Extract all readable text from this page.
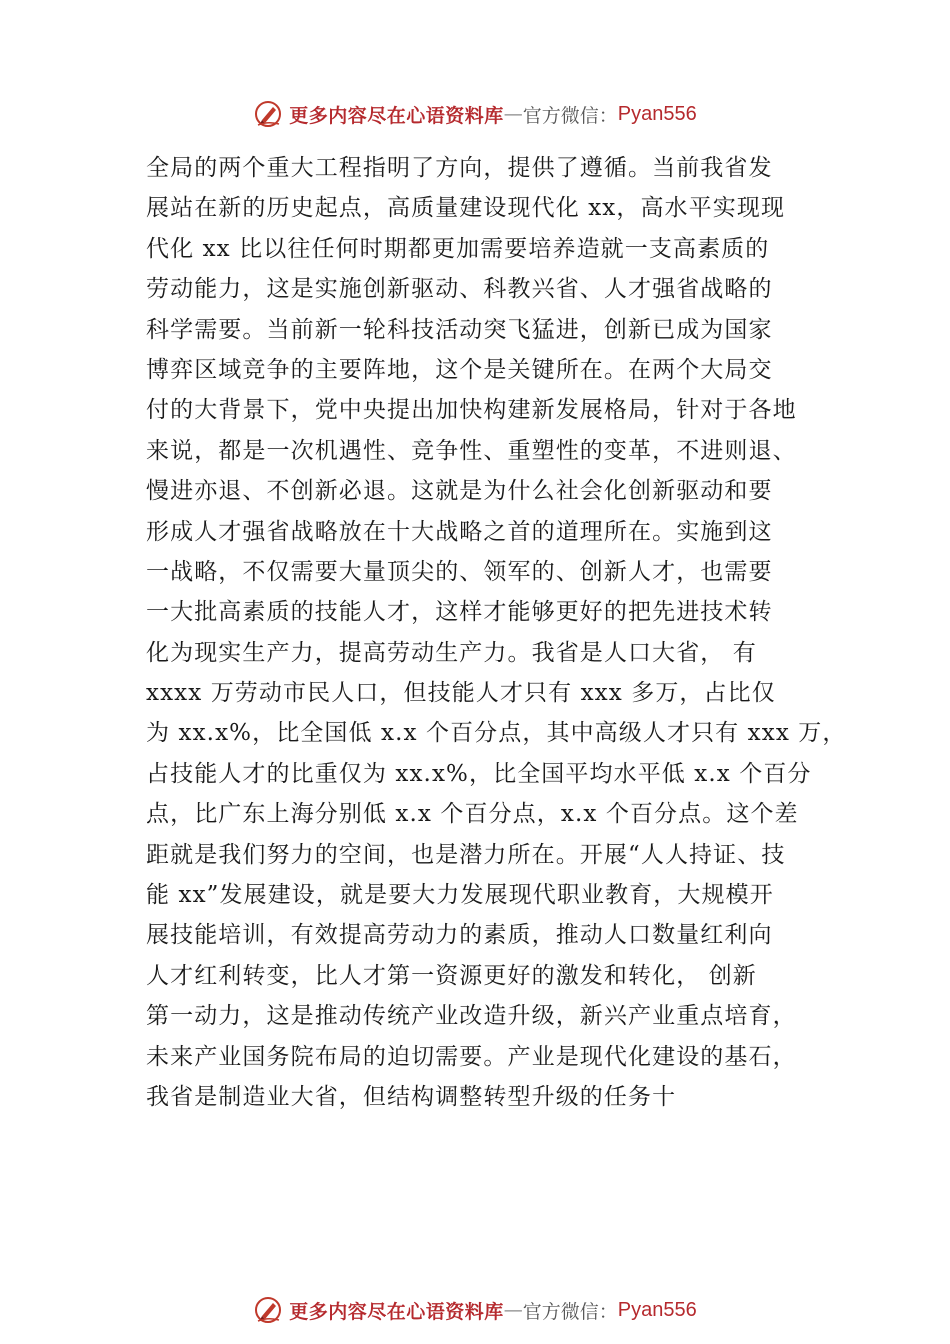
更多内容尽在心语资料库 — 官方微信： Pyan556
全局的两个重大工程指明了方向，提供了遵循。当前我省发
展站在新的历史起点，高质量建设现代化 xx，高水平实现现
代化 xx 比以往任何时期都更加需要培养造就一支高素质的
劳动能力，这是实施创新驱动、科教兴省、人才强省战略的
科学需要。当前新一轮科技活动突飞猛进，创新已成为国家
博弈区域竞争的主要阵地，这个是关键所在。在两个大局交
付的大背景下，党中央提出加快构建新发展格局，针对于各地
来说，都是一次机遇性、竞争性、重塑性的变革，不进则退、
慢进亦退、不创新必退。这就是为什么社会化创新驱动和要
形成人才强省战略放在十大战略之首的道理所在。实施到这
一战略，不仅需要大量顶尖的、领军的、创新人才，也需要
一大批高素质的技能人才，这样才能够更好的把先进技术转
化为现实生产力，提高劳动生产力。我省是人口大省， 有
xxxx 万劳动市民人口，但技能人才只有 xxx 多万，占比仅
为 xx.x%，比全国低 x.x 个百分点，其中高级人才只有 xxx 万，
占技能人才的比重仅为 xx.x%，比全国平均水平低 x.x 个百分
点，比广东上海分别低 x.x 个百分点，x.x 个百分点。这个差
距就是我们努力的空间，也是潜力所在。开展“人人持证、技
能 xx”发展建设，就是要大力发展现代职业教育，大规模开
展技能培训，有效提高劳动力的素质，推动人口数量红利向
人才红利转变，比人才第一资源更好的激发和转化， 创新
第一动力，这是推动传统产业改造升级，新兴产业重点培育，
未来产业国务院布局的迫切需要。产业是现代化建设的基石，
我省是制造业大省，但结构调整转型升级的任务十
更多内容尽在心语资料库 — 官方微信： Pyan556
